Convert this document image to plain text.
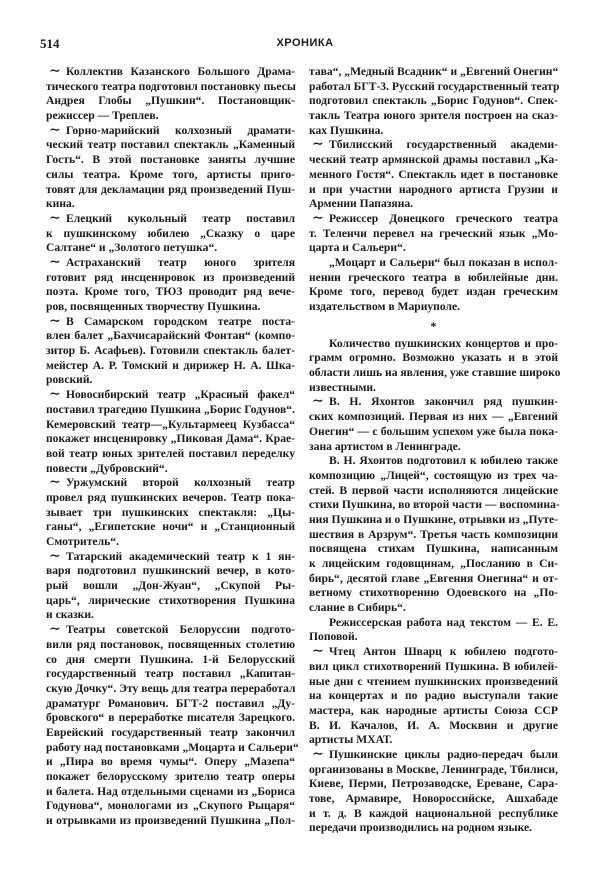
514	ХРОНИКА
∼ Коллектив Казанского Большого Драма-
тического театра подготовил постановку пьесы
Андрея Глобы „Пушкин“. Постановщик-
режиссер — Треплев.
∼ Горно-марийский колхозный драмати-
ческий театр поставил спектакль „Каменный
Гость“. В этой постановке заняты лучшие
силы театра. Кроме того, артисты приго-
товят для декламации ряд произведений Пуш-
кина.
∼ Елецкий кукольный театр поставил
к пушкинскому юбилею „Сказку о царе
Салтане“ и „Золотого петушка“.
∼ Астраханский театр юного зрителя
готовит ряд инсценировок из произведений
поэта. Кроме того, ТЮЗ проводит ряд вече-
ров, посвященных творчеству Пушкина.
∼ В Самарском городском театре поста-
влен балет „Бахчисарайский Фонтан“ (компо-
зитор Б. Асафьев). Готовили спектакль балет-
мейстер А. Р. Томский и дирижер Н. А. Шка-
ровский.
∼ Новосибирский театр „Красный факел“
поставил трагедию Пушкина „Борис Годунов“.
Кемеровский театр—„Культармеец Кузбасса“
покажет инсценировку „Пиковая Дама“. Крае-
вой театр юных зрителей поставил переделку
повести „Дубровский“.
∼ Уржумский второй колхозный театр
провел ряд пушкинских вечеров. Театр пока-
зывает три пушкинских спектакля: „Цы-
ганы“, „Египетские ночи“ и „Станционный
Смотритель“.
∼ Татарский академический театр к 1 ян-
варя подготовил пушкинский вечер, в кото-
рый вошли „Дон-Жуан“, „Скупой Ры-
царь“, лирические стихотворения Пушкина
и сказки.
∼ Театры советской Белоруссии подгото-
вили ряд постановок, посвященных столетию
со дня смерти Пушкина. 1-й Белорусский
государственный театр поставил „Капитан-
скую Дочку“. Эту вещь для театра переработал
драматург Романович. БГТ-2 поставил „Ду-
бровского“ в переработке писателя Зарецкого.
Еврейский государственный театр закончил
работу над постановками „Моцарта и Сальери“
и „Пира во время чумы“. Оперу „Мазепа“
покажет белорусскому зрителю театр оперы
и балета. Над отдельными сценами из „Бориса
Годунова“, монологами из „Скупого Рыцаря“
и отрывками из произведений Пушкина „Пол-
тава“, „Медный Всадник“ и „Евгений Онегин“
работал БГТ-3. Русский государственный театр
подготовил спектакль „Борис Годунов“. Спек-
такль Театра юного зрителя построен на сказ-
ках Пушкина.
∼ Тбилисский государственный академи-
ческий театр армянской драмы поставил „Ка-
менного Гостя“. Спектакль идет в постановке
и при участии народного артиста Грузии и
Армении Папазяна.
∼ Режиссер Донецкого греческого театра
т. Теленчи перевел на греческий язык „Мо-
царта и Сальери“.
„Моцарт и Сальери“ был показан в испол-
нении греческого театра в юбилейные дни.
Кроме того, перевод будет издан греческим
издательством в Мариуполе.
*
Количество пушкинских концертов и про-
грамм огромно. Возможно указать и в этой
области лишь на явления, уже ставшие широко
известными.
∼ В. Н. Яхонтов закончил ряд пушкин-
ских композиций. Первая из них — „Евгений
Онегин“ — с большим успехом уже была пока-
зана артистом в Ленинграде.
В. Н. Яхонтов подготовил к юбилею также
композицию „Лицей“, состоящую из трех ча-
стей. В первой части исполняются лицейские
стихи Пушкина, во второй части — воспомина-
ния Пушкина и о Пушкине, отрывки из „Путе-
шествия в Арзрум“. Третья часть композиции
посвящена стихам Пушкина, написанным
к лицейским годовщинам, „Посланию в Си-
бирь“, десятой главе „Евгения Онегина“ и от-
ветному стихотворению Одоевского на „По-
слание в Сибирь“.
Режиссерская работа над текстом — Е. Е.
Поповой.
∼ Чтец Антон Шварц к юбилею подгото-
вил цикл стихотворений Пушкина. В юбилей-
ные дни с чтением пушкинских произведений
на концертах и по радио выступали такие
мастера, как народные артисты Союза ССР
В. И. Качалов, И. А. Москвин и другие
артисты МХАТ.
∼ Пушкинские циклы радио-передач были
организованы в Москве, Ленинграде, Тбилиси,
Киеве, Перми, Петрозаводске, Ереване, Сара-
тове, Армавире, Новороссийске, Ашхабаде
и т. д. В каждой национальной республике
передачи производились на родном языке.
